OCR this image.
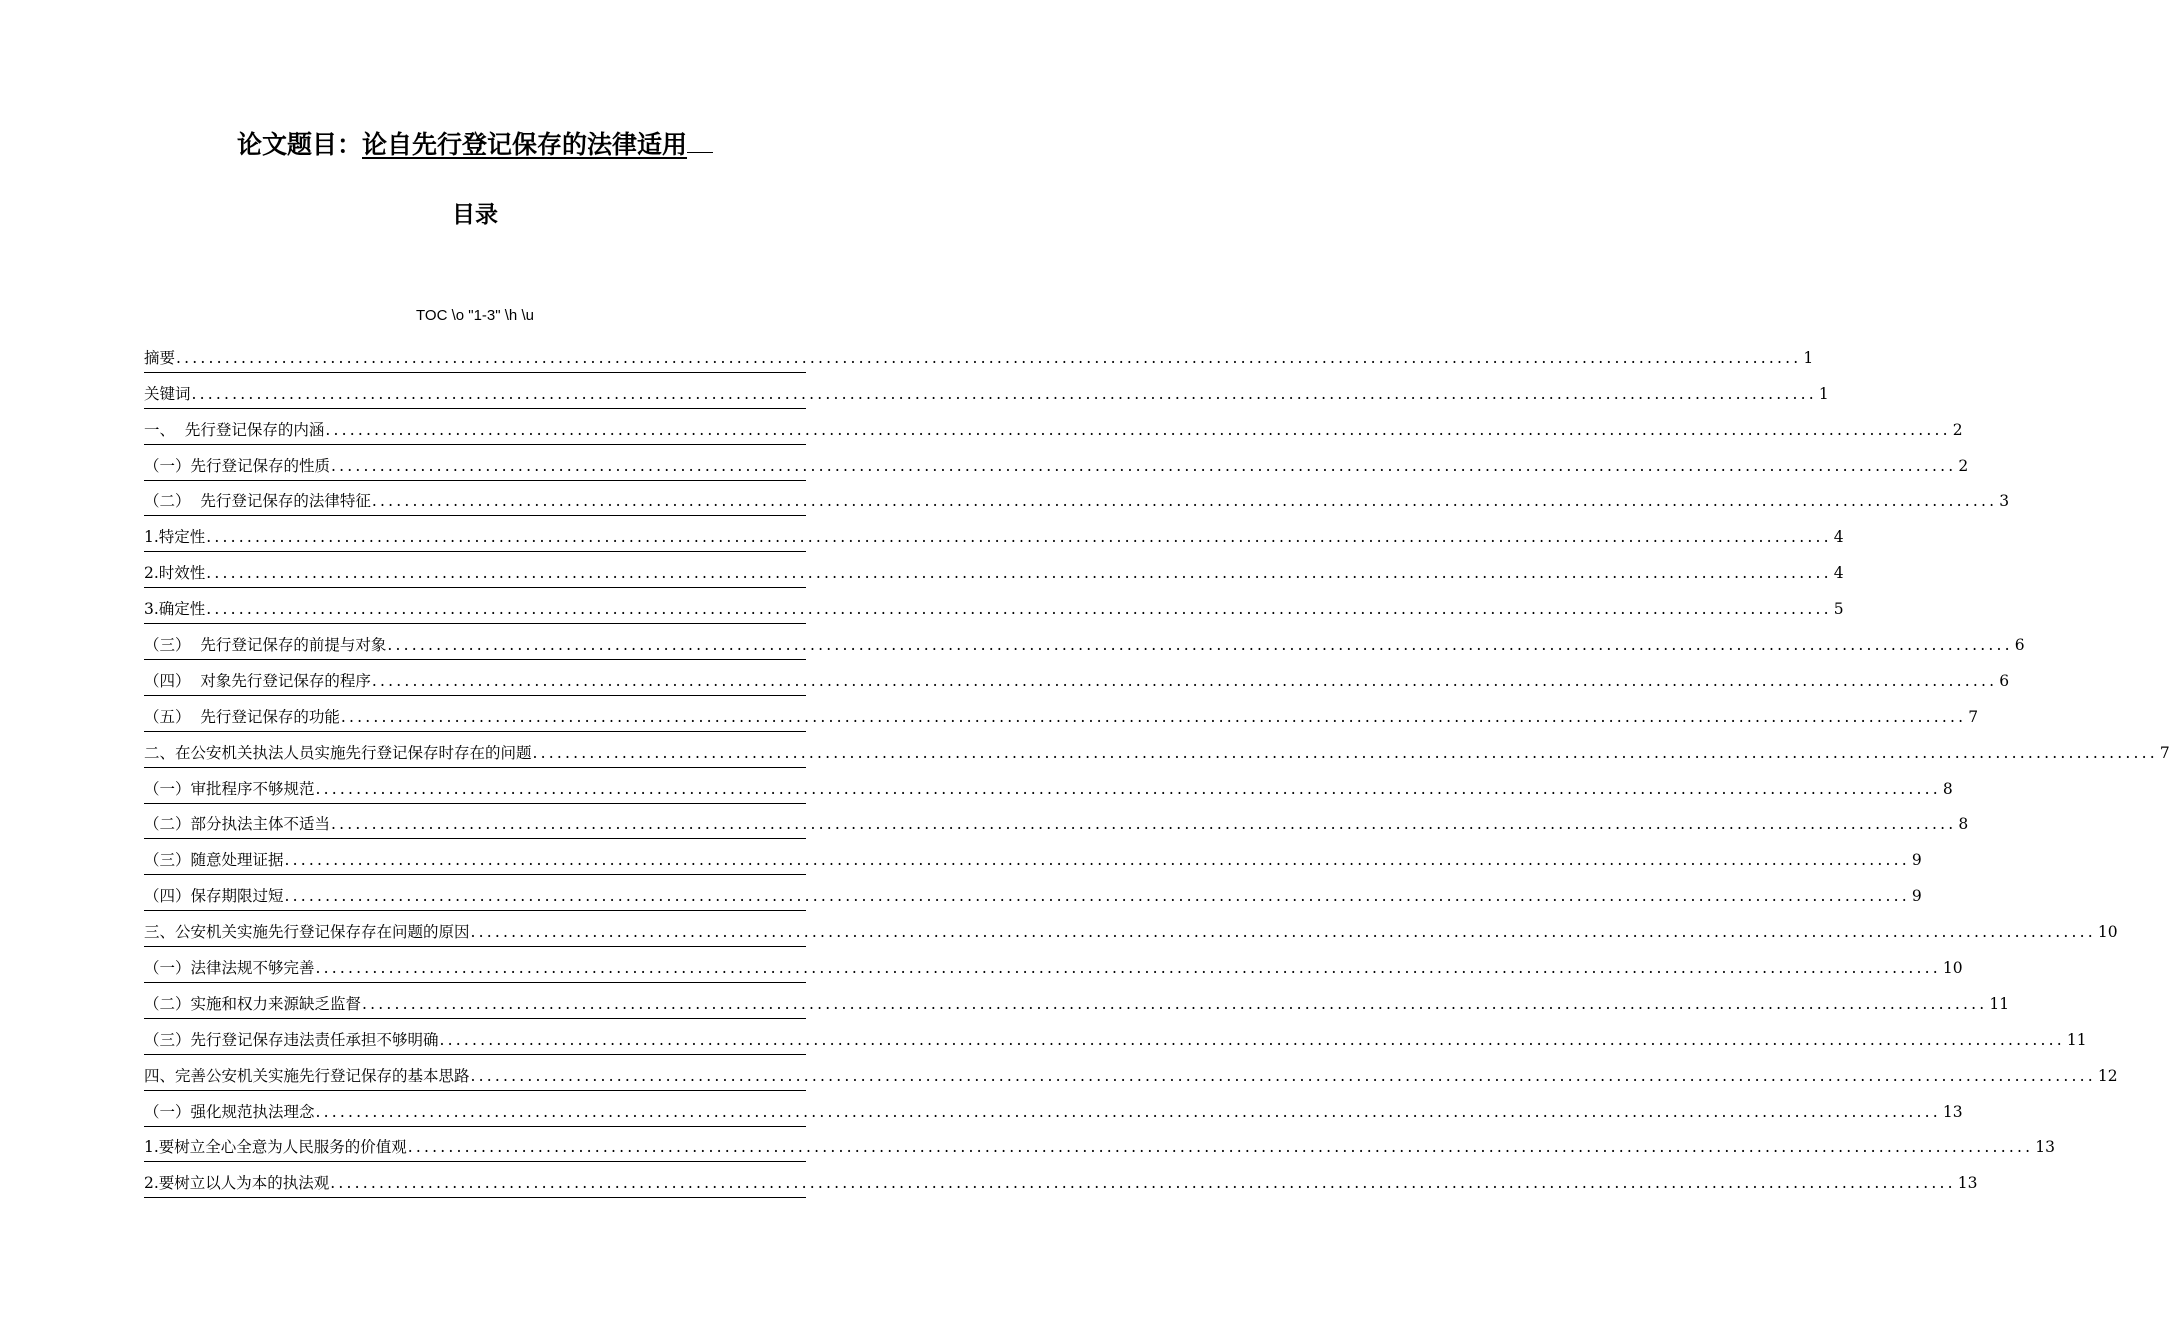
论文题目：论自先行登记保存的法律适用
目录
TOC \o "1-3" \h \u
摘要 ........................................................................................................................................................................................................ 1
关键词 ........................................................................................................................................................................................................ 1
一、  先行登记保存的内涵 ........................................................................................................................................................................................................ 2
（一）先行登记保存的性质 ........................................................................................................................................................................................................ 2
（二）  先行登记保存的法律特征 ........................................................................................................................................................................................................ 3
1.特定性 ........................................................................................................................................................................................................ 4
2.时效性 ........................................................................................................................................................................................................ 4
3.确定性 ........................................................................................................................................................................................................ 5
（三）  先行登记保存的前提与对象 ........................................................................................................................................................................................................ 6
（四）  对象先行登记保存的程序 ........................................................................................................................................................................................................ 6
（五）  先行登记保存的功能 ........................................................................................................................................................................................................ 7
二、在公安机关执法人员实施先行登记保存时存在的问题 ........................................................................................................................................................................................................ 7
（一）审批程序不够规范 ........................................................................................................................................................................................................ 8
（二）部分执法主体不适当 ........................................................................................................................................................................................................ 8
（三）随意处理证据 ........................................................................................................................................................................................................ 9
（四）保存期限过短 ........................................................................................................................................................................................................ 9
三、公安机关实施先行登记保存存在问题的原因 ........................................................................................................................................................................................................ 10
（一）法律法规不够完善 ........................................................................................................................................................................................................ 10
（二）实施和权力来源缺乏监督 ........................................................................................................................................................................................................ 11
（三）先行登记保存违法责任承担不够明确 ........................................................................................................................................................................................................ 11
四、完善公安机关实施先行登记保存的基本思路 ........................................................................................................................................................................................................ 12
（一）强化规范执法理念 ........................................................................................................................................................................................................ 13
1.要树立全心全意为人民服务的价值观 ........................................................................................................................................................................................................ 13
2.要树立以人为本的执法观 ........................................................................................................................................................................................................ 13
